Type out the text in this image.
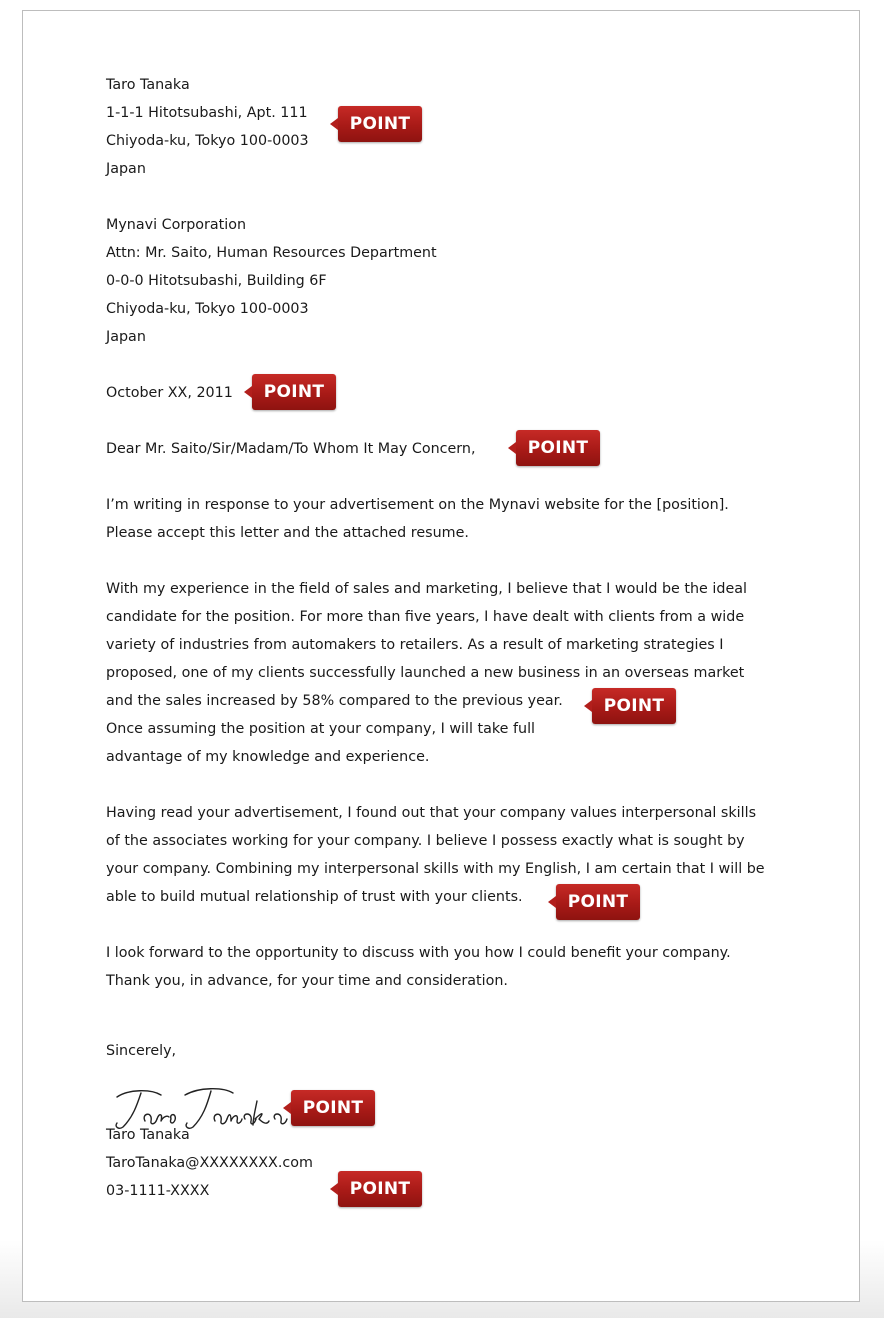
Taro Tanaka
1-1-1 Hitotsubashi, Apt. 111
Chiyoda-ku, Tokyo 100-0003
Japan
Mynavi Corporation
Attn: Mr. Saito, Human Resources Department
0-0-0 Hitotsubashi, Building 6F
Chiyoda-ku, Tokyo 100-0003
Japan
October XX, 2011
Dear Mr. Saito/Sir/Madam/To Whom It May Concern,
I’m writing in response to your advertisement on the Mynavi website for the [position].
Please accept this letter and the attached resume.
With my experience in the field of sales and marketing, I believe that I would be the ideal
candidate for the position. For more than five years, I have dealt with clients from a wide
variety of industries from automakers to retailers. As a result of marketing strategies I
proposed, one of my clients successfully launched a new business in an overseas market
and the sales increased by 58% compared to the previous year.
Once assuming the position at your company, I will take full
advantage of my knowledge and experience.
Having read your advertisement, I found out that your company values interpersonal skills
of the associates working for your company. I believe I possess exactly what is sought by
your company. Combining my interpersonal skills with my English, I am certain that I will be
able to build mutual relationship of trust with your clients.
I look forward to the opportunity to discuss with you how I could benefit your company.
Thank you, in advance, for your time and consideration.
Sincerely,
Taro Tanaka
TaroTanaka@XXXXXXXX.com
03-1111-XXXX
POINT
POINT
POINT
POINT
POINT
POINT
POINT
